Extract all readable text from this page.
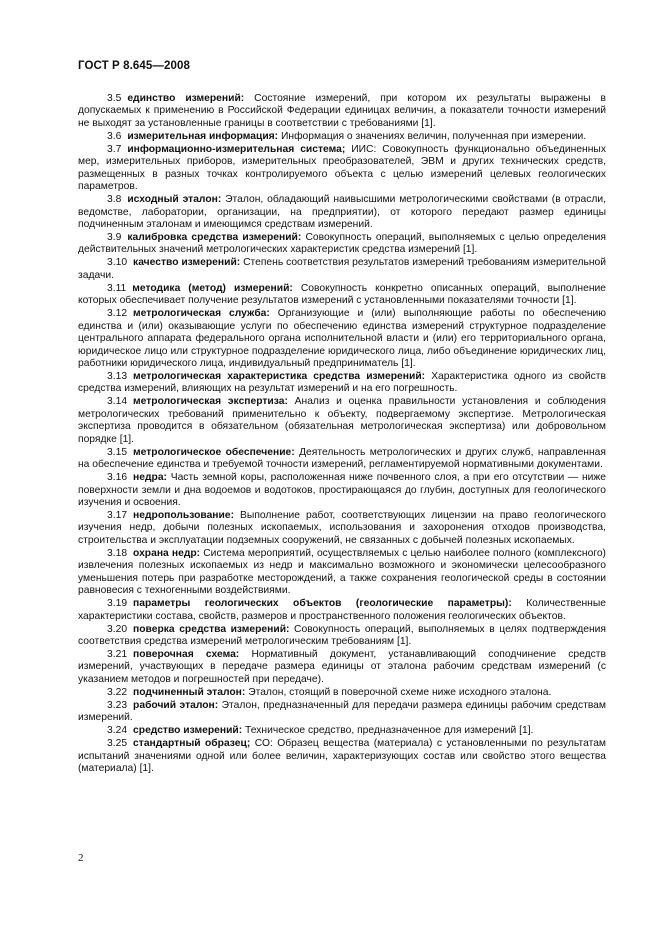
ГОСТ Р 8.645—2008

3.5 единство измерений: Состояние измерений, при котором их результаты выражены в допускаемых к применению в Российской Федерации единицах величин, а показатели точности измерений не выходят за установленные границы в соответствии с требованиями [1].

3.6 измерительная информация: Информация о значениях величин, полученная при измерении.

3.7 информационно-измерительная система; ИИС: Совокупность функционально объединенных мер, измерительных приборов, измерительных преобразователей, ЭВМ и других технических средств, размещенных в разных точках контролируемого объекта с целью измерений целевых геологических параметров.

3.8 исходный эталон: Эталон, обладающий наивысшими метрологическими свойствами (в отрасли, ведомстве, лаборатории, организации, на предприятии), от которого передают размер единицы подчиненным эталонам и имеющимся средствам измерений.

3.9 калибровка средства измерений: Совокупность операций, выполняемых с целью определения действительных значений метрологических характеристик средства измерений [1].

3.10 качество измерений: Степень соответствия результатов измерений требованиям измерительной задачи.

3.11 методика (метод) измерений: Совокупность конкретно описанных операций, выполнение которых обеспечивает получение результатов измерений с установленными показателями точности [1].

3.12 метрологическая служба: Организующие и (или) выполняющие работы по обеспечению единства и (или) оказывающие услуги по обеспечению единства измерений структурное подразделение центрального аппарата федерального органа исполнительной власти и (или) его территориального органа, юридическое лицо или структурное подразделение юридического лица, либо объединение юридических лиц, работники юридического лица, индивидуальный предприниматель [1].

3.13 метрологическая характеристика средства измерений: Характеристика одного из свойств средства измерений, влияющих на результат измерений и на его погрешность.

3.14 метрологическая экспертиза: Анализ и оценка правильности установления и соблюдения метрологических требований применительно к объекту, подвергаемому экспертизе. Метрологическая экспертиза проводится в обязательном (обязательная метрологическая экспертиза) или добровольном порядке [1].

3.15 метрологическое обеспечение: Деятельность метрологических и других служб, направленная на обеспечение единства и требуемой точности измерений, регламентируемой нормативными документами.

3.16 недра: Часть земной коры, расположенная ниже почвенного слоя, а при его отсутствии — ниже поверхности земли и дна водоемов и водотоков, простирающаяся до глубин, доступных для геологического изучения и освоения.

3.17 недропользование: Выполнение работ, соответствующих лицензии на право геологического изучения недр, добычи полезных ископаемых, использования и захоронения отходов производства, строительства и эксплуатации подземных сооружений, не связанных с добычей полезных ископаемых.

3.18 охрана недр: Система мероприятий, осуществляемых с целью наиболее полного (комплексного) извлечения полезных ископаемых из недр и максимально возможного и экономически целесообразного уменьшения потерь при разработке месторождений, а также сохранения геологической среды в состоянии равновесия с техногенными воздействиями.

3.19 параметры геологических объектов (геологические параметры): Количественные характеристики состава, свойств, размеров и пространственного положения геологических объектов.

3.20 поверка средства измерений: Совокупность операций, выполняемых в целях подтверждения соответствия средства измерений метрологическим требованиям [1].

3.21 поверочная схема: Нормативный документ, устанавливающий соподчинение средств измерений, участвующих в передаче размера единицы от эталона рабочим средствам измерений (с указанием методов и погрешностей при передаче).

3.22 подчиненный эталон: Эталон, стоящий в поверочной схеме ниже исходного эталона.

3.23 рабочий эталон: Эталон, предназначенный для передачи размера единицы рабочим средствам измерений.

3.24 средство измерений: Техническое средство, предназначенное для измерений [1].

3.25 стандартный образец; СО: Образец вещества (материала) с установленными по результатам испытаний значениями одной или более величин, характеризующих состав или свойство этого вещества (материала) [1].

2
